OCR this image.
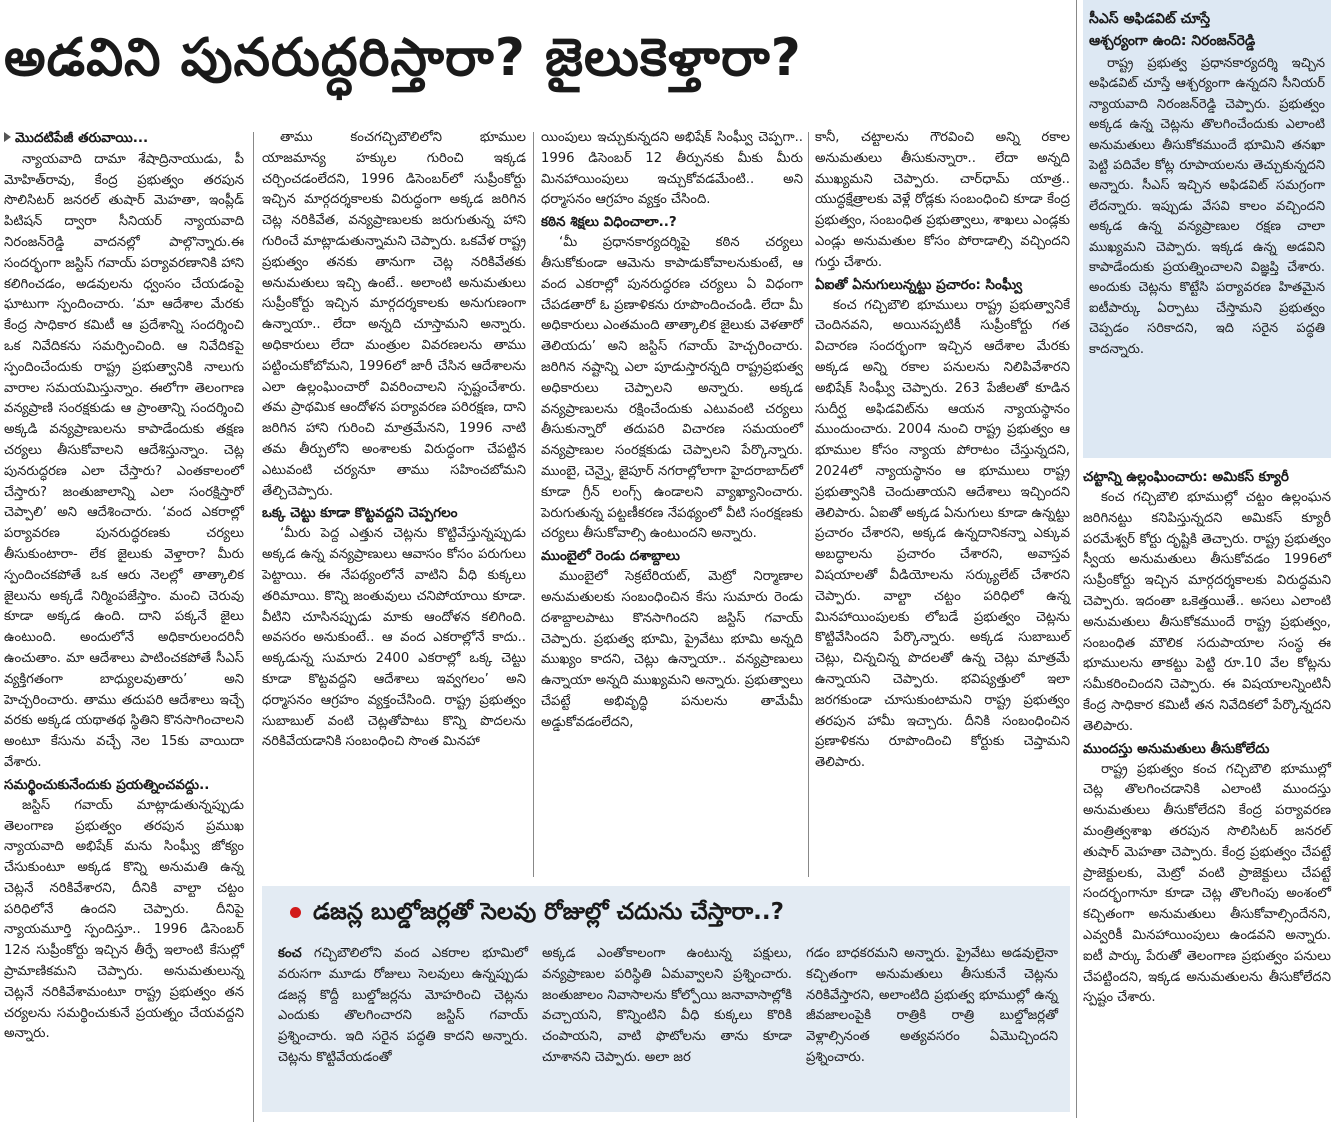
అడవిని పునరుద్ధరిస్తారా? జైలుకెళ్తారా?

మొదటిపేజీ తరువాయి...

న్యాయవాది దామా శేషాద్రినాయుడు, పీ మోహిత్‌రావు, కేంద్ర ప్రభుత్వం తరపున సొలిసిటర్ జనరల్ తుషార్ మెహతా, ఇంప్లీడ్ పిటిషన్ ద్వారా సీనియర్ న్యాయవాది నిరంజన్‌రెడ్డి వాదనల్లో పాల్గొన్నారు.ఈ సందర్భంగా జస్టిస్ గవాయ్ పర్యావరణానికి హాని కలిగించడం, అడవులను ధ్వంసం చేయడంపై ఘాటుగా స్పందించారు. ‘మా ఆదేశాల మేరకు కేంద్ర సాధికార కమిటీ ఆ ప్రదేశాన్ని సందర్శించి ఒక నివేదికను సమర్పించింది. ఆ నివేదికపై స్పందించేందుకు రాష్ట్ర ప్రభుత్వానికి నాలుగు వారాల సమయమిస్తున్నాం. ఈలోగా తెలంగాణ వన్యప్రాణి సంరక్షకుడు ఆ ప్రాంతాన్ని సందర్శించి అక్కడి వన్యప్రాణులను కాపాడేందుకు తక్షణ చర్యలు తీసుకోవాలని ఆదేశిస్తున్నాం. చెట్ల పునరుద్ధరణ ఎలా చేస్తారు? ఎంతకాలంలో చేస్తారు? జంతుజాలాన్ని ఎలా సంరక్షిస్తారో చెప్పాలి’ అని ఆదేశించారు. ‘వంద ఎకరాల్లో పర్యావరణ పునరుద్ధరణకు చర్యలు తీసుకుంటారా- లేక జైలుకు వెళ్తారా? మీరు స్పందించకపోతే ఒక ఆరు నెలల్లో తాత్కాలిక జైలును అక్కడే నిర్మింపజేస్తాం. మంచి చెరువు కూడా అక్కడ ఉంది. దాని పక్కనే జైలు ఉంటుంది. అందులోనే అధికారులందరినీ ఉంచుతాం. మా ఆదేశాలు పాటించకపోతే సీఎస్ వ్యక్తిగతంగా బాధ్యులవుతారు’ అని హెచ్చరించారు. తాము తదుపరి ఆదేశాలు ఇచ్చే వరకు అక్కడ యథాతథ స్థితిని కొనసాగించాలని అంటూ కేసును వచ్చే నెల 15కు వాయిదా వేశారు.

సమర్థించుకునేందుకు ప్రయత్నించవద్దు..

జస్టిస్ గవాయ్ మాట్లాడుతున్నప్పుడు తెలంగాణ ప్రభుత్వం తరపున ప్రముఖ న్యాయవాది అభిషేక్ మను సింఘ్వీ జోక్యం చేసుకుంటూ అక్కడ కొన్ని అనుమతి ఉన్న చెట్లనే నరికివేశారని, దీనికి వాల్టా చట్టం పరిధిలోనే ఉందని చెప్పారు. దీనిపై న్యాయమూర్తి స్పందిస్తూ.. 1996 డిసెంబర్ 12న సుప్రీంకోర్టు ఇచ్చిన తీర్పే ఇలాంటి కేసుల్లో ప్రామాణికమని చెప్పారు. అనుమతులున్న చెట్లనే నరికివేశామంటూ రాష్ట్ర ప్రభుత్వం తన చర్యలను సమర్థించుకునే ప్రయత్నం చేయవద్దని అన్నారు.

తాము కంచగచ్చిబౌలిలోని భూముల యాజమాన్య హక్కుల గురించి ఇక్కడ చర్చించడంలేదని, 1996 డిసెంబర్‌లో సుప్రీంకోర్టు ఇచ్చిన మార్గదర్శకాలకు విరుద్ధంగా అక్కడ జరిగిన చెట్ల నరికివేత, వన్యప్రాణులకు జరుగుతున్న హాని గురించే మాట్లాడుతున్నామని చెప్పారు. ఒకవేళ రాష్ట్ర ప్రభుత్వం తనకు తానుగా చెట్ల నరికివేతకు అనుమతులు ఇచ్చి ఉంటే.. అలాంటి అనుమతులు సుప్రీంకోర్టు ఇచ్చిన మార్గదర్శకాలకు అనుగుణంగా ఉన్నాయా.. లేదా అన్నది చూస్తామని అన్నారు. అధికారులు లేదా మంత్రుల వివరణలను తాము పట్టించుకోబోమని, 1996లో జారీ చేసిన ఆదేశాలను ఎలా ఉల్లంఘించారో వివరించాలని స్పష్టంచేశారు. తమ ప్రాథమిక ఆందోళన పర్యావరణ పరిరక్షణ, దాని జరిగిన హాని గురించి మాత్రమేనని, 1996 నాటి తమ తీర్పులోని అంశాలకు విరుద్ధంగా చేపట్టిన ఎటువంటి చర్యనూ తాము సహించబోమని తేల్చిచెప్పారు.

ఒక్క చెట్టు కూడా కొట్టవద్దని చెప్పగలం

‘మీరు పెద్ద ఎత్తున చెట్లను కొట్టివేస్తున్నప్పుడు అక్కడ ఉన్న వన్యప్రాణులు ఆవాసం కోసం పరుగులు పెట్టాయి. ఈ నేపథ్యంలోనే వాటిని వీధి కుక్కలు తరిమాయి. కొన్ని జంతువులు చనిపోయాయి కూడా. వీటిని చూసినప్పుడు మాకు ఆందోళన కలిగింది. అవసరం అనుకుంటే.. ఆ వంద ఎకరాల్లోనే కాదు.. అక్కడున్న సుమారు 2400 ఎకరాల్లో ఒక్క చెట్టు కూడా కొట్టవద్దని ఆదేశాలు ఇవ్వగలం’ అని ధర్మాసనం ఆగ్రహం వ్యక్తంచేసింది. రాష్ట్ర ప్రభుత్వం సుబాబుల్ వంటి చెట్లతోపాటు కొన్ని పొదలను నరికివేయడానికి సంబంధించి సొంత మినహా

యింపులు ఇచ్చుకున్నదని అభిషేక్ సింఘ్వీ చెప్పగా.. 1996 డిసెంబర్ 12 తీర్పునకు మీకు మీరు మినహాయింపులు ఇచ్చుకోవడమేంటి.. అని ధర్మాసనం ఆగ్రహం వ్యక్తం చేసింది.

కఠిన శిక్షలు విధించాలా..?

‘మీ ప్రధానకార్యదర్శిపై కఠిన చర్యలు తీసుకోకుండా ఆమెను కాపాడుకోవాలనుకుంటే, ఆ వంద ఎకరాల్లో పునరుద్ధరణ చర్యలు ఏ విధంగా చేపడతారో ఓ ప్రణాళికను రూపొందించండి. లేదా మీ అధికారులు ఎంతమంది తాత్కాలిక జైలుకు వెళతారో తెలియదు’ అని జస్టిస్ గవాయ్ హెచ్చరించారు. జరిగిన నష్టాన్ని ఎలా పూడుస్తారన్నది రాష్ట్రప్రభుత్వ అధికారులు చెప్పాలని అన్నారు. అక్కడ వన్యప్రాణులను రక్షించేందుకు ఎటువంటి చర్యలు తీసుకున్నారో తదుపరి విచారణ సమయంలో వన్యప్రాణుల సంరక్షకుడు చెప్పాలని పేర్కొన్నారు. ముంబై, చెన్నై, జైపూర్ నగరాల్లోలాగా హైదరాబాద్‌లో కూడా గ్రీన్ లంగ్స్ ఉండాలని వ్యాఖ్యానించారు. పెరుగుతున్న పట్టణీకరణ నేపథ్యంలో వీటి సంరక్షణకు చర్యలు తీసుకోవాల్సి ఉంటుందని అన్నారు.

ముంబైలో రెండు దశాబ్దాలు

ముంబైలో సెక్రటేరియట్, మెట్రో నిర్మాణాల అనుమతులకు సంబంధించిన కేసు సుమారు రెండు దశాబ్దాలపాటు కొనసాగిందని జస్టిస్ గవాయ్ చెప్పారు. ప్రభుత్వ భూమి, ప్రైవేటు భూమి అన్నది ముఖ్యం కాదని, చెట్లు ఉన్నాయా.. వన్యప్రాణులు ఉన్నాయా అన్నది ముఖ్యమని అన్నారు. ప్రభుత్వాలు చేపట్టే అభివృద్ధి పనులను తామేమీ అడ్డుకోవడంలేదని,

కానీ, చట్టాలను గౌరవించి అన్ని రకాల అనుమతులు తీసుకున్నారా.. లేదా అన్నది ముఖ్యమని చెప్పారు. చార్‌ధామ్ యాత్ర.. యుద్ధక్షేత్రాలకు వెళ్లే రోడ్లకు సంబంధించి కూడా కేంద్ర ప్రభుత్వం, సంబంధిత ప్రభుత్వాలు, శాఖలు ఎండ్లకు ఎండ్లు అనుమతుల కోసం పోరాడాల్సి వచ్చిందని గుర్తు చేశారు.

ఏఐతో ఏనుగులున్నట్టు ప్రచారం: సింఘ్వీ

కంచ గచ్చిబౌలి భూములు రాష్ట్ర ప్రభుత్వానికే చెందినవని, అయినప్పటికీ సుప్రీంకోర్టు గత విచారణ సందర్భంగా ఇచ్చిన ఆదేశాల మేరకు అక్కడ అన్ని రకాల పనులను నిలిపివేశారని అభిషేక్ సింఘ్వీ చెప్పారు. 263 పేజీలతో కూడిన సుదీర్ఘ అఫిడవిట్‌ను ఆయన న్యాయస్థానం ముందుంచారు. 2004 నుంచి రాష్ట్ర ప్రభుత్వం ఆ భూముల కోసం న్యాయ పోరాటం చేస్తున్నదని, 2024లో న్యాయస్థానం ఆ భూములు రాష్ట్ర ప్రభుత్వానికి చెందుతాయని ఆదేశాలు ఇచ్చిందని తెలిపారు. ఏఐతో అక్కడ ఏనుగులు కూడా ఉన్నట్టు ప్రచారం చేశారని, అక్కడ ఉన్నదానికన్నా ఎక్కువ అబద్ధాలను ప్రచారం చేశారని, అవాస్తవ విషయాలతో వీడియోలను సర్క్యులేట్ చేశారని చెప్పారు. వాల్టా చట్టం పరిధిలో ఉన్న మినహాయింపులకు లోబడే ప్రభుత్వం చెట్లను కొట్టివేసిందని పేర్కొన్నారు. అక్కడ సుబాబుల్ చెట్లు, చిన్నచిన్న పొదలతో ఉన్న చెట్లు మాత్రమే ఉన్నాయని చెప్పారు. భవిష్యత్తులో ఇలా జరగకుండా చూసుకుంటామని రాష్ట్ర ప్రభుత్వం తరపున హామీ ఇచ్చారు. దీనికి సంబంధించిన ప్రణాళికను రూపొందించి కోర్టుకు చెప్తామని తెలిపారు.

సీఎస్ అఫిడవిట్ చూస్తే
ఆశ్చర్యంగా ఉంది: నిరంజన్‌రెడ్డి

రాష్ట్ర ప్రభుత్వ ప్రధానకార్యదర్శి ఇచ్చిన అఫిడవిట్ చూస్తే ఆశ్చర్యంగా ఉన్నదని సీనియర్ న్యాయవాది నిరంజన్‌రెడ్డి చెప్పారు. ప్రభుత్వం అక్కడ ఉన్న చెట్లను తొలగించేందుకు ఎలాంటి అనుమతులు తీసుకోకముందే భూమిని తనఖా పెట్టి పదివేల కోట్ల రూపాయలను తెచ్చుకున్నదని అన్నారు. సీఎస్ ఇచ్చిన అఫిడవిట్ సమగ్రంగా లేదన్నారు. ఇప్పుడు వేసవి కాలం వచ్చిందని అక్కడ ఉన్న వన్యప్రాణుల రక్షణ చాలా ముఖ్యమని చెప్పారు. ఇక్కడ ఉన్న అడవిని కాపాడేందుకు ప్రయత్నించాలని విజ్ఞప్తి చేశారు. అందుకు చెట్లను కొట్టేసి పర్యావరణ హితమైన ఐటీపార్కు ఏర్పాటు చేస్తామని ప్రభుత్వం చెప్పడం సరికాదని, ఇది సరైన పద్ధతి కాదన్నారు.

చట్టాన్ని ఉల్లంఘించారు: అమికస్ క్యూరీ

కంచ గచ్చిబౌలి భూముల్లో చట్టం ఉల్లంఘన జరిగినట్టు కనిపిస్తున్నదని అమికస్ క్యూరీ పరమేశ్వర్ కోర్టు దృష్టికి తెచ్చారు. రాష్ట్ర ప్రభుత్వం స్వీయ అనుమతులు తీసుకోవడం 1996లో సుప్రీంకోర్టు ఇచ్చిన మార్గదర్శకాలకు విరుద్ధమని చెప్పారు. ఇదంతా ఒకెత్తయితే.. అసలు ఎలాంటి అనుమతులు తీసుకోకముందే రాష్ట్ర ప్రభుత్వం, సంబంధిత మౌలిక సదుపాయాల సంస్థ ఈ భూములను తాకట్టు పెట్టి రూ.10 వేల కోట్లను సమీకరించిందని చెప్పారు. ఈ విషయాలన్నింటినీ కేంద్ర సాధికార కమిటీ తన నివేదికలో పేర్కొన్నదని తెలిపారు.

ముందస్తు అనుమతులు తీసుకోలేదు

రాష్ట్ర ప్రభుత్వం కంచ గచ్చిబౌలి భూముల్లో చెట్ల తొలగించడానికి ఎలాంటి ముందస్తు అనుమతులు తీసుకోలేదని కేంద్ర పర్యావరణ మంత్రిత్వశాఖ తరపున సొలిసిటర్ జనరల్ తుషార్ మెహతా చెప్పారు. కేంద్ర ప్రభుత్వం చేపట్టే ప్రాజెక్టులకు, మెట్రో వంటి ప్రాజెక్టులు చేపట్టే సందర్భంగానూ కూడా చెట్ల తొలగింపు అంశంలో కచ్చితంగా అనుమతులు తీసుకోవాల్సిందేనని, ఎవ్వరికీ మినహాయింపులు ఉండవని అన్నారు. ఐటీ పార్కు పేరుతో తెలంగాణ ప్రభుత్వం పనులు చేపట్టిందని, ఇక్కడ అనుమతులను తీసుకోలేదని స్పష్టం చేశారు.

డజన్ల బుల్డోజర్లతో సెలవు రోజుల్లో చదును చేస్తారా..?

కంచ గచ్చిబౌలిలోని వంద ఎకరాల భూమిలో వరుసగా మూడు రోజులు సెలవులు ఉన్నప్పుడు డజన్ల కొద్దీ బుల్డోజర్లను మోహరించి చెట్లను ఎందుకు తొలగించారని జస్టిస్ గవాయ్ ప్రశ్నించారు. ఇది సరైన పద్ధతి కాదని అన్నారు. చెట్లను కొట్టివేయడంతో

అక్కడ ఎంతోకాలంగా ఉంటున్న పక్షులు, వన్యప్రాణుల పరిస్థితి ఏమవ్వాలని ప్రశ్నించారు. జంతుజాలం నివాసాలను కోల్పోయి జనావాసాల్లోకి వచ్చాయని, కొన్నింటిని వీధి కుక్కలు కొరికి చంపాయని, వాటి ఫొటోలను తాను కూడా చూశానని చెప్పారు. అలా జర

గడం బాధకరమని అన్నారు. ప్రైవేటు అడవులైనా కచ్చితంగా అనుమతులు తీసుకునే చెట్లను నరికివేస్తారని, అలాంటిది ప్రభుత్వ భూముల్లో ఉన్న జీవజాలంపైకి రాత్రికి రాత్రి బుల్డోజర్లతో వెళ్లాల్సినంత అత్యవసరం ఏమొచ్చిందని ప్రశ్నించారు.
